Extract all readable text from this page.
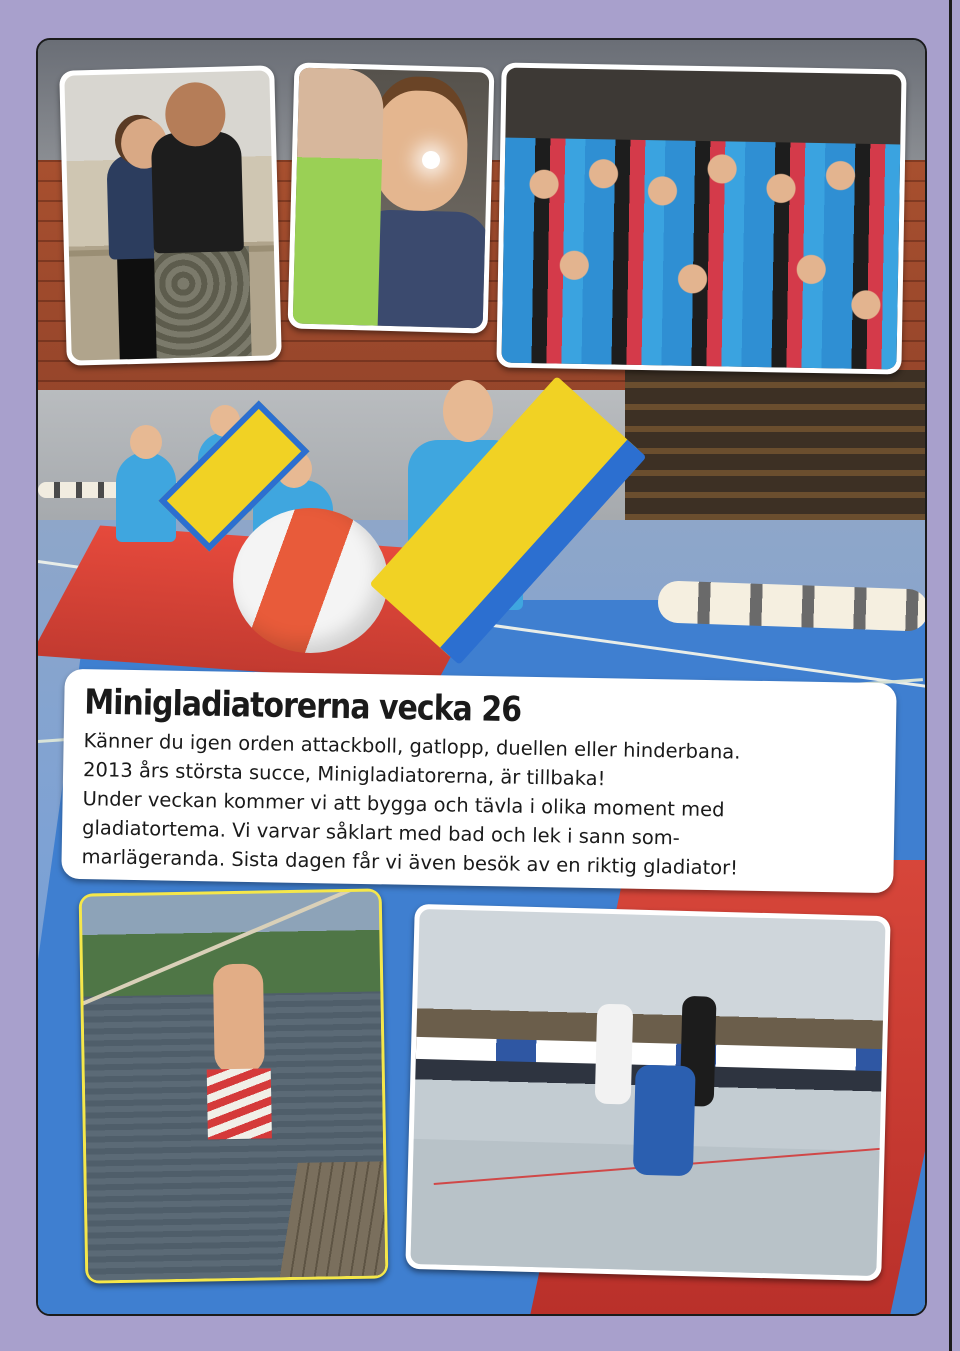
Minigladiatorerna vecka 26

Känner du igen orden attackboll, gatlopp, duellen eller hinderbana.
2013 års största succe, Minigladiatorerna, är tillbaka!
Under veckan kommer vi att bygga och tävla i olika moment med
gladiatortema. Vi varvar såklart med bad och lek i sann som-
marlägeranda. Sista dagen får vi även besök av en riktig gladiator!
